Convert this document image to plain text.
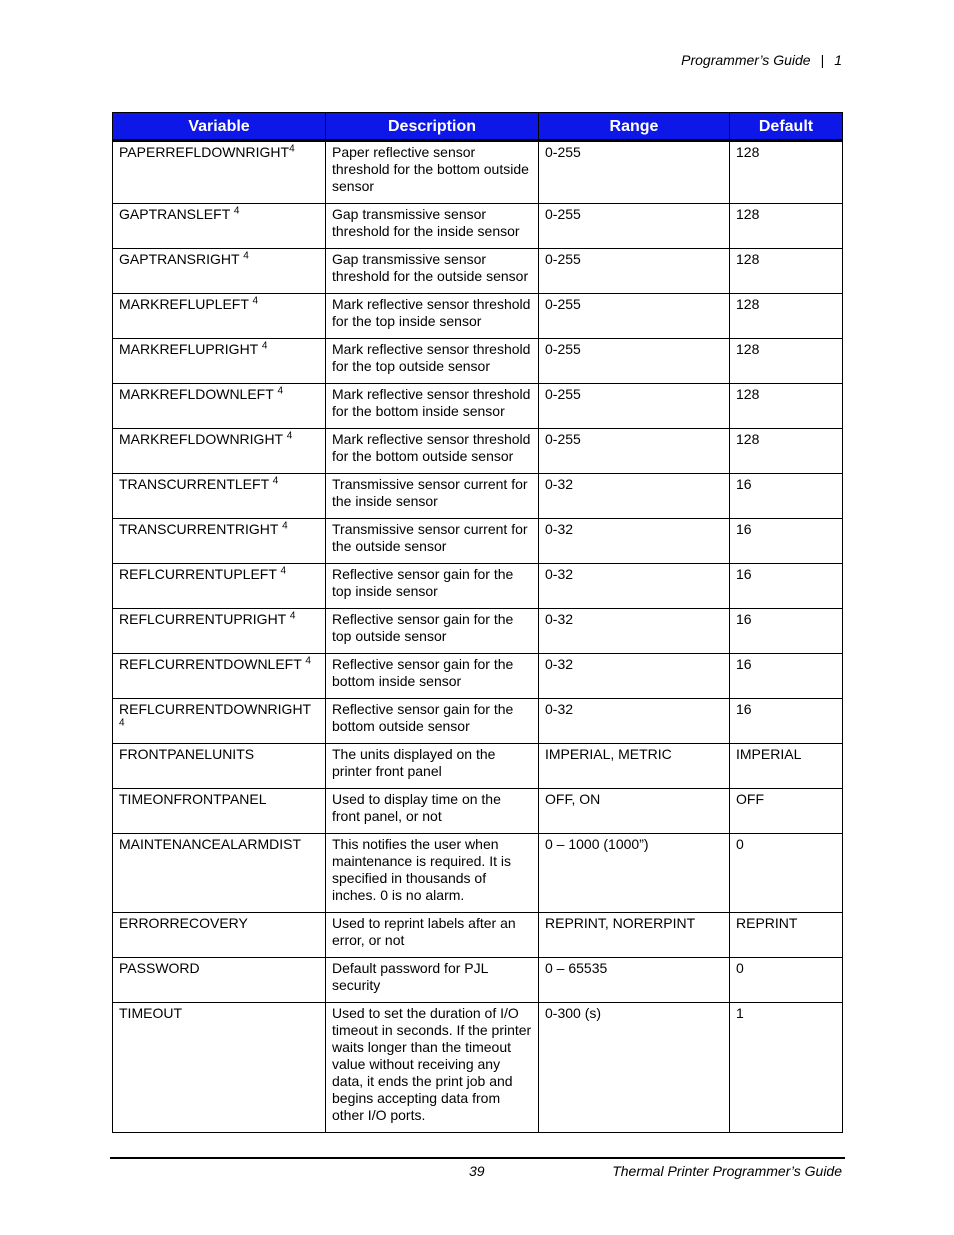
Programmer’s Guide | 1
Variable	Description	Range	Default
PAPERREFLDOWNRIGHT$^4$	Paper reflective sensor threshold for the bottom outside sensor	0-255	128
GAPTRANSLEFT $^4$	Gap transmissive sensor threshold for the inside sensor	0-255	128
GAPTRANSRIGHT $^4$	Gap transmissive sensor threshold for the outside sensor	0-255	128
MARKREFLUPLEFT $^4$	Mark reflective sensor threshold for the top inside sensor	0-255	128
MARKREFLUPRIGHT $^4$	Mark reflective sensor threshold for the top outside sensor	0-255	128
MARKREFLDOWNLEFT $^4$	Mark reflective sensor threshold for the bottom inside sensor	0-255	128
MARKREFLDOWNRIGHT $^4$	Mark reflective sensor threshold for the bottom outside sensor	0-255	128
TRANSCURRENTLEFT $^4$	Transmissive sensor current for the inside sensor	0-32	16
TRANSCURRENTRIGHT $^4$	Transmissive sensor current for the outside sensor	0-32	16
REFLCURRENTUPLEFT $^4$	Reflective sensor gain for the top inside sensor	0-32	16
REFLCURRENTUPRIGHT $^4$	Reflective sensor gain for the top outside sensor	0-32	16
REFLCURRENTDOWNLEFT $^4$	Reflective sensor gain for the bottom inside sensor	0-32	16
REFLCURRENTDOWNRIGHT $^4$	Reflective sensor gain for the bottom outside sensor	0-32	16
FRONTPANELUNITS	The units displayed on the printer front panel	IMPERIAL, METRIC	IMPERIAL
TIMEONFRONTPANEL	Used to display time on the front panel, or not	OFF, ON	OFF
MAINTENANCEALARMDIST	This notifies the user when maintenance is required. It is specified in thousands of inches. 0 is no alarm.	0 – 1000 (1000”)	0
ERRORRECOVERY	Used to reprint labels after an error, or not	REPRINT, NORERPINT	REPRINT
PASSWORD	Default password for PJL security	0 – 65535	0
TIMEOUT	Used to set the duration of I/O timeout in seconds. If the printer waits longer than the timeout value without receiving any data, it ends the print job and begins accepting data from other I/O ports.	0-300 (s)	1
39	Thermal Printer Programmer’s Guide
